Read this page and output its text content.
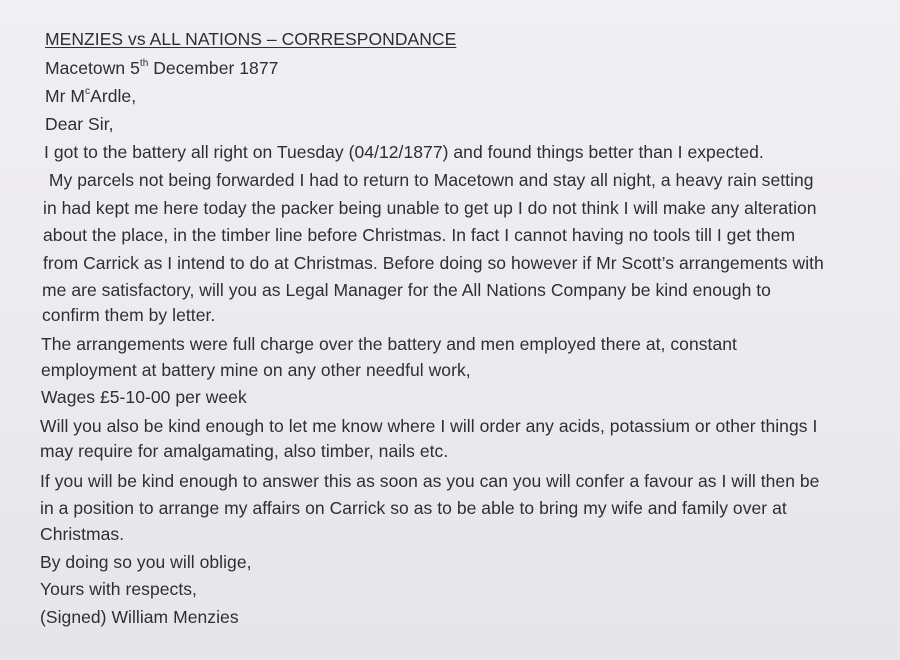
MENZIES vs ALL NATIONS – CORRESPONDANCE

Macetown 5th December 1877

Mr $M^cArdle$,

Dear Sir,

I got to the battery all right on Tuesday (04/12/1877) and found things better than I expected.

My parcels not being forwarded I had to return to Macetown and stay all night, a heavy rain setting

in had kept me here today the packer being unable to get up I do not think I will make any alteration

about the place, in the timber line before Christmas. In fact I cannot having no tools till I get them

from Carrick as I intend to do at Christmas. Before doing so however if Mr Scott’s arrangements with

me are satisfactory, will you as Legal Manager for the All Nations Company be kind enough to

confirm them by letter.

The arrangements were full charge over the battery and men employed there at, constant

employment at battery mine on any other needful work,

Wages £5-10-00 per week

Will you also be kind enough to let me know where I will order any acids, potassium or other things I

may require for amalgamating, also timber, nails etc.

If you will be kind enough to answer this as soon as you can you will confer a favour as I will then be

in a position to arrange my affairs on Carrick so as to be able to bring my wife and family over at

Christmas.

By doing so you will oblige,

Yours with respects,

(Signed) William Menzies
